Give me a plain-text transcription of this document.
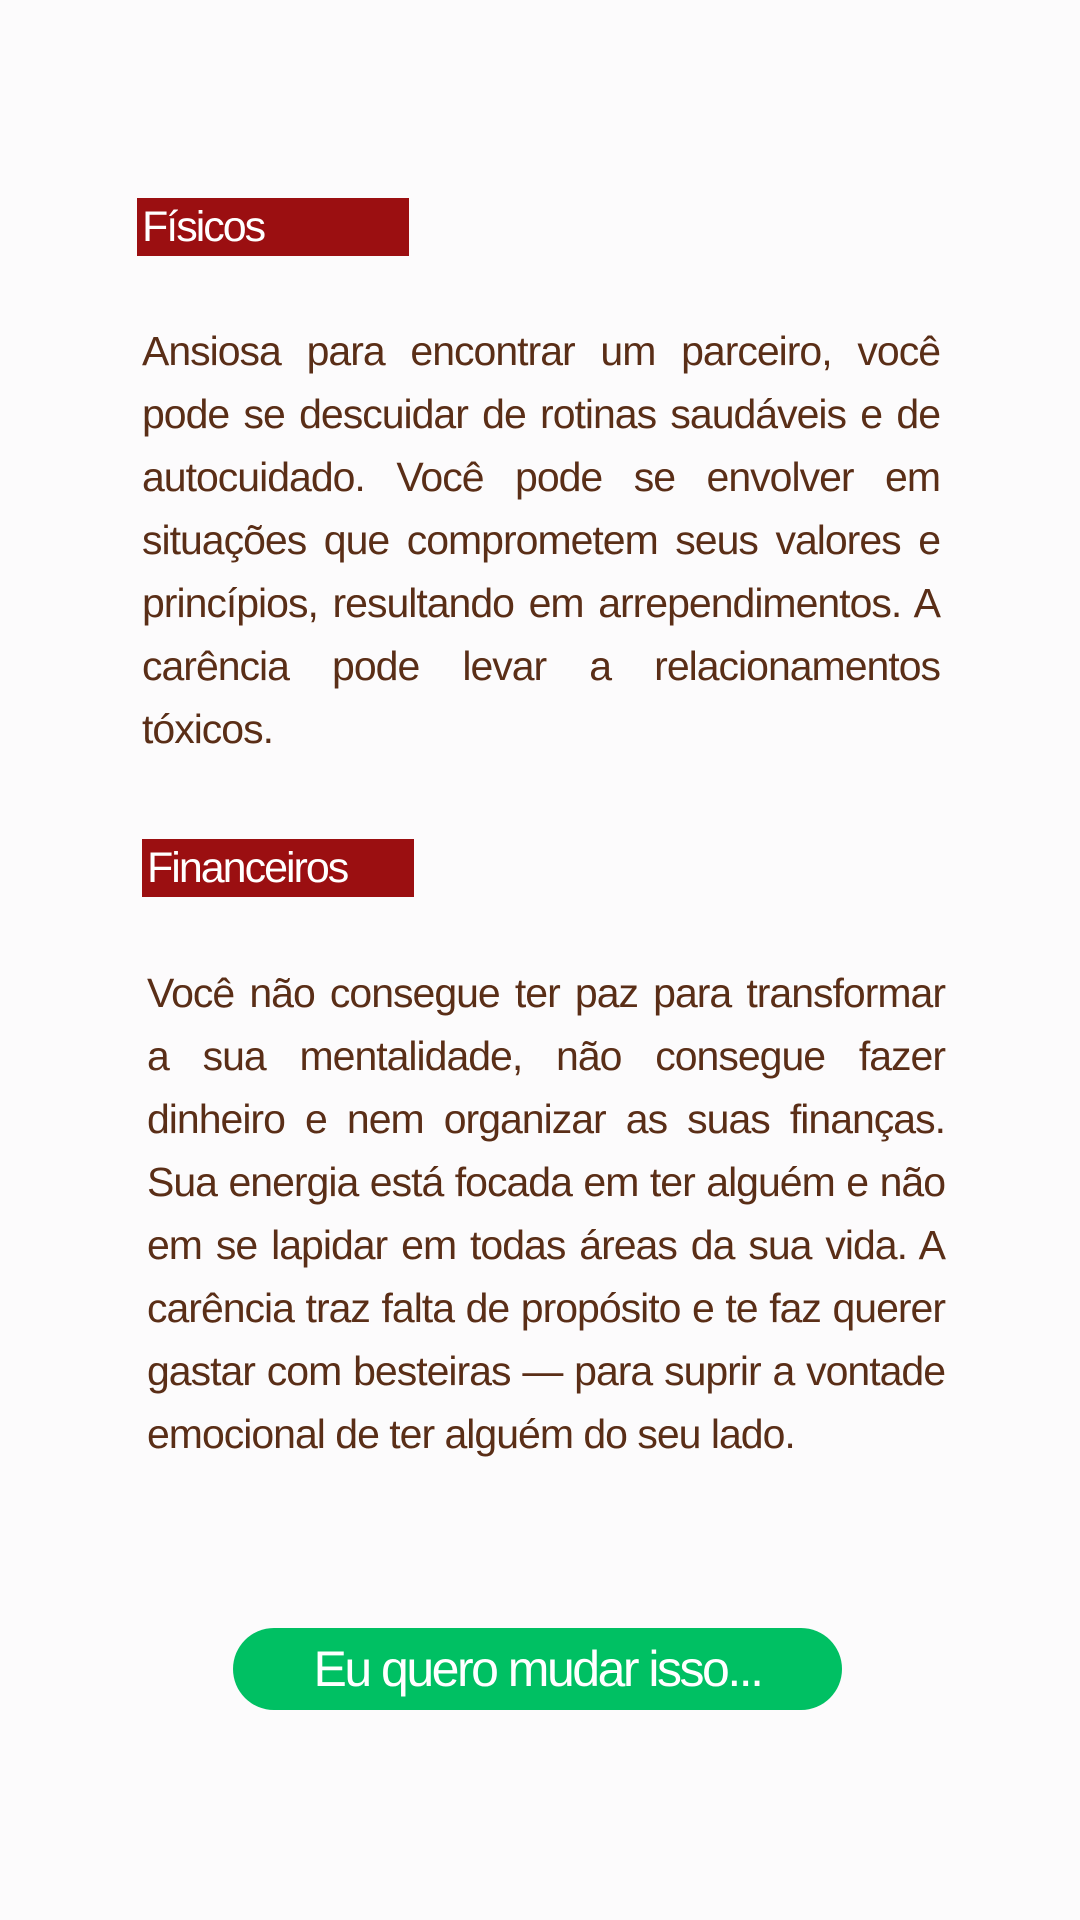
Físicos

Ansiosa para encontrar um parceiro, você pode se descuidar de rotinas saudáveis e de autocuidado. Você pode se envolver em situações que comprometem seus valores e princípios, resultando em arrependimentos. A carência pode levar a relacionamentos tóxicos.

Financeiros

Você não consegue ter paz para transformar a sua mentalidade, não consegue fazer dinheiro e nem organizar as suas finanças. Sua energia está focada em ter alguém e não em se lapidar em todas áreas da sua vida. A carência traz falta de propósito e te faz querer gastar com besteiras — para suprir a vontade emocional de ter alguém do seu lado.

Eu quero mudar isso...
